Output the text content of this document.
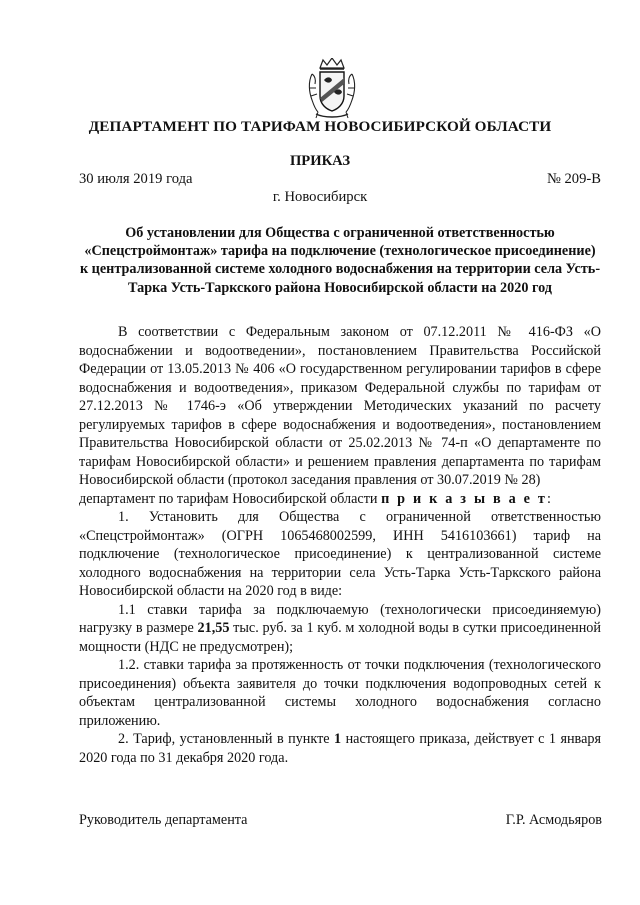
ДЕПАРТАМЕНТ ПО ТАРИФАМ НОВОСИБИРСКОЙ ОБЛАСТИ
ПРИКАЗ
30 июля 2019 года	№ 209-В
г. Новосибирск
Об установлении для Общества с ограниченной ответственностью «Спецстроймонтаж» тарифа на подключение (технологическое присоединение) к централизованной системе холодного водоснабжения на территории села Усть-Тарка Усть-Таркского района Новосибирской области на 2020 год

В соответствии с Федеральным законом от 07.12.2011 № 416-ФЗ «О водоснабжении и водоотведении», постановлением Правительства Российской Федерации от 13.05.2013 № 406 «О государственном регулировании тарифов в сфере водоснабжения и водоотведения», приказом Федеральной службы по тарифам от 27.12.2013 № 1746-э «Об утверждении Методических указаний по расчету регулируемых тарифов в сфере водоснабжения и водоотведения», постановлением Правительства Новосибирской области от 25.02.2013 № 74-п «О департаменте по тарифам Новосибирской области» и решением правления департамента по тарифам Новосибирской области (протокол заседания правления от 30.07.2019 № 28)

департамент по тарифам Новосибирской области п р и к а з ы в а е т:

1. Установить для Общества с ограниченной ответственностью «Спецстроймонтаж» (ОГРН 1065468002599, ИНН 5416103661) тариф на подключение (технологическое присоединение) к централизованной системе холодного водоснабжения на территории села Усть-Тарка Усть-Таркского района Новосибирской области на 2020 год в виде:

1.1 ставки тарифа за подключаемую (технологически присоединяемую) нагрузку в размере 21,55 тыс. руб. за 1 куб. м холодной воды в сутки присоединенной мощности (НДС не предусмотрен);

1.2. ставки тарифа за протяженность от точки подключения (технологического присоединения) объекта заявителя до точки подключения водопроводных сетей к объектам централизованной системы холодного водоснабжения согласно приложению.

2. Тариф, установленный в пункте 1 настоящего приказа, действует с 1 января 2020 года по 31 декабря 2020 года.

Руководитель департамента	Г.Р. Асмодьяров
